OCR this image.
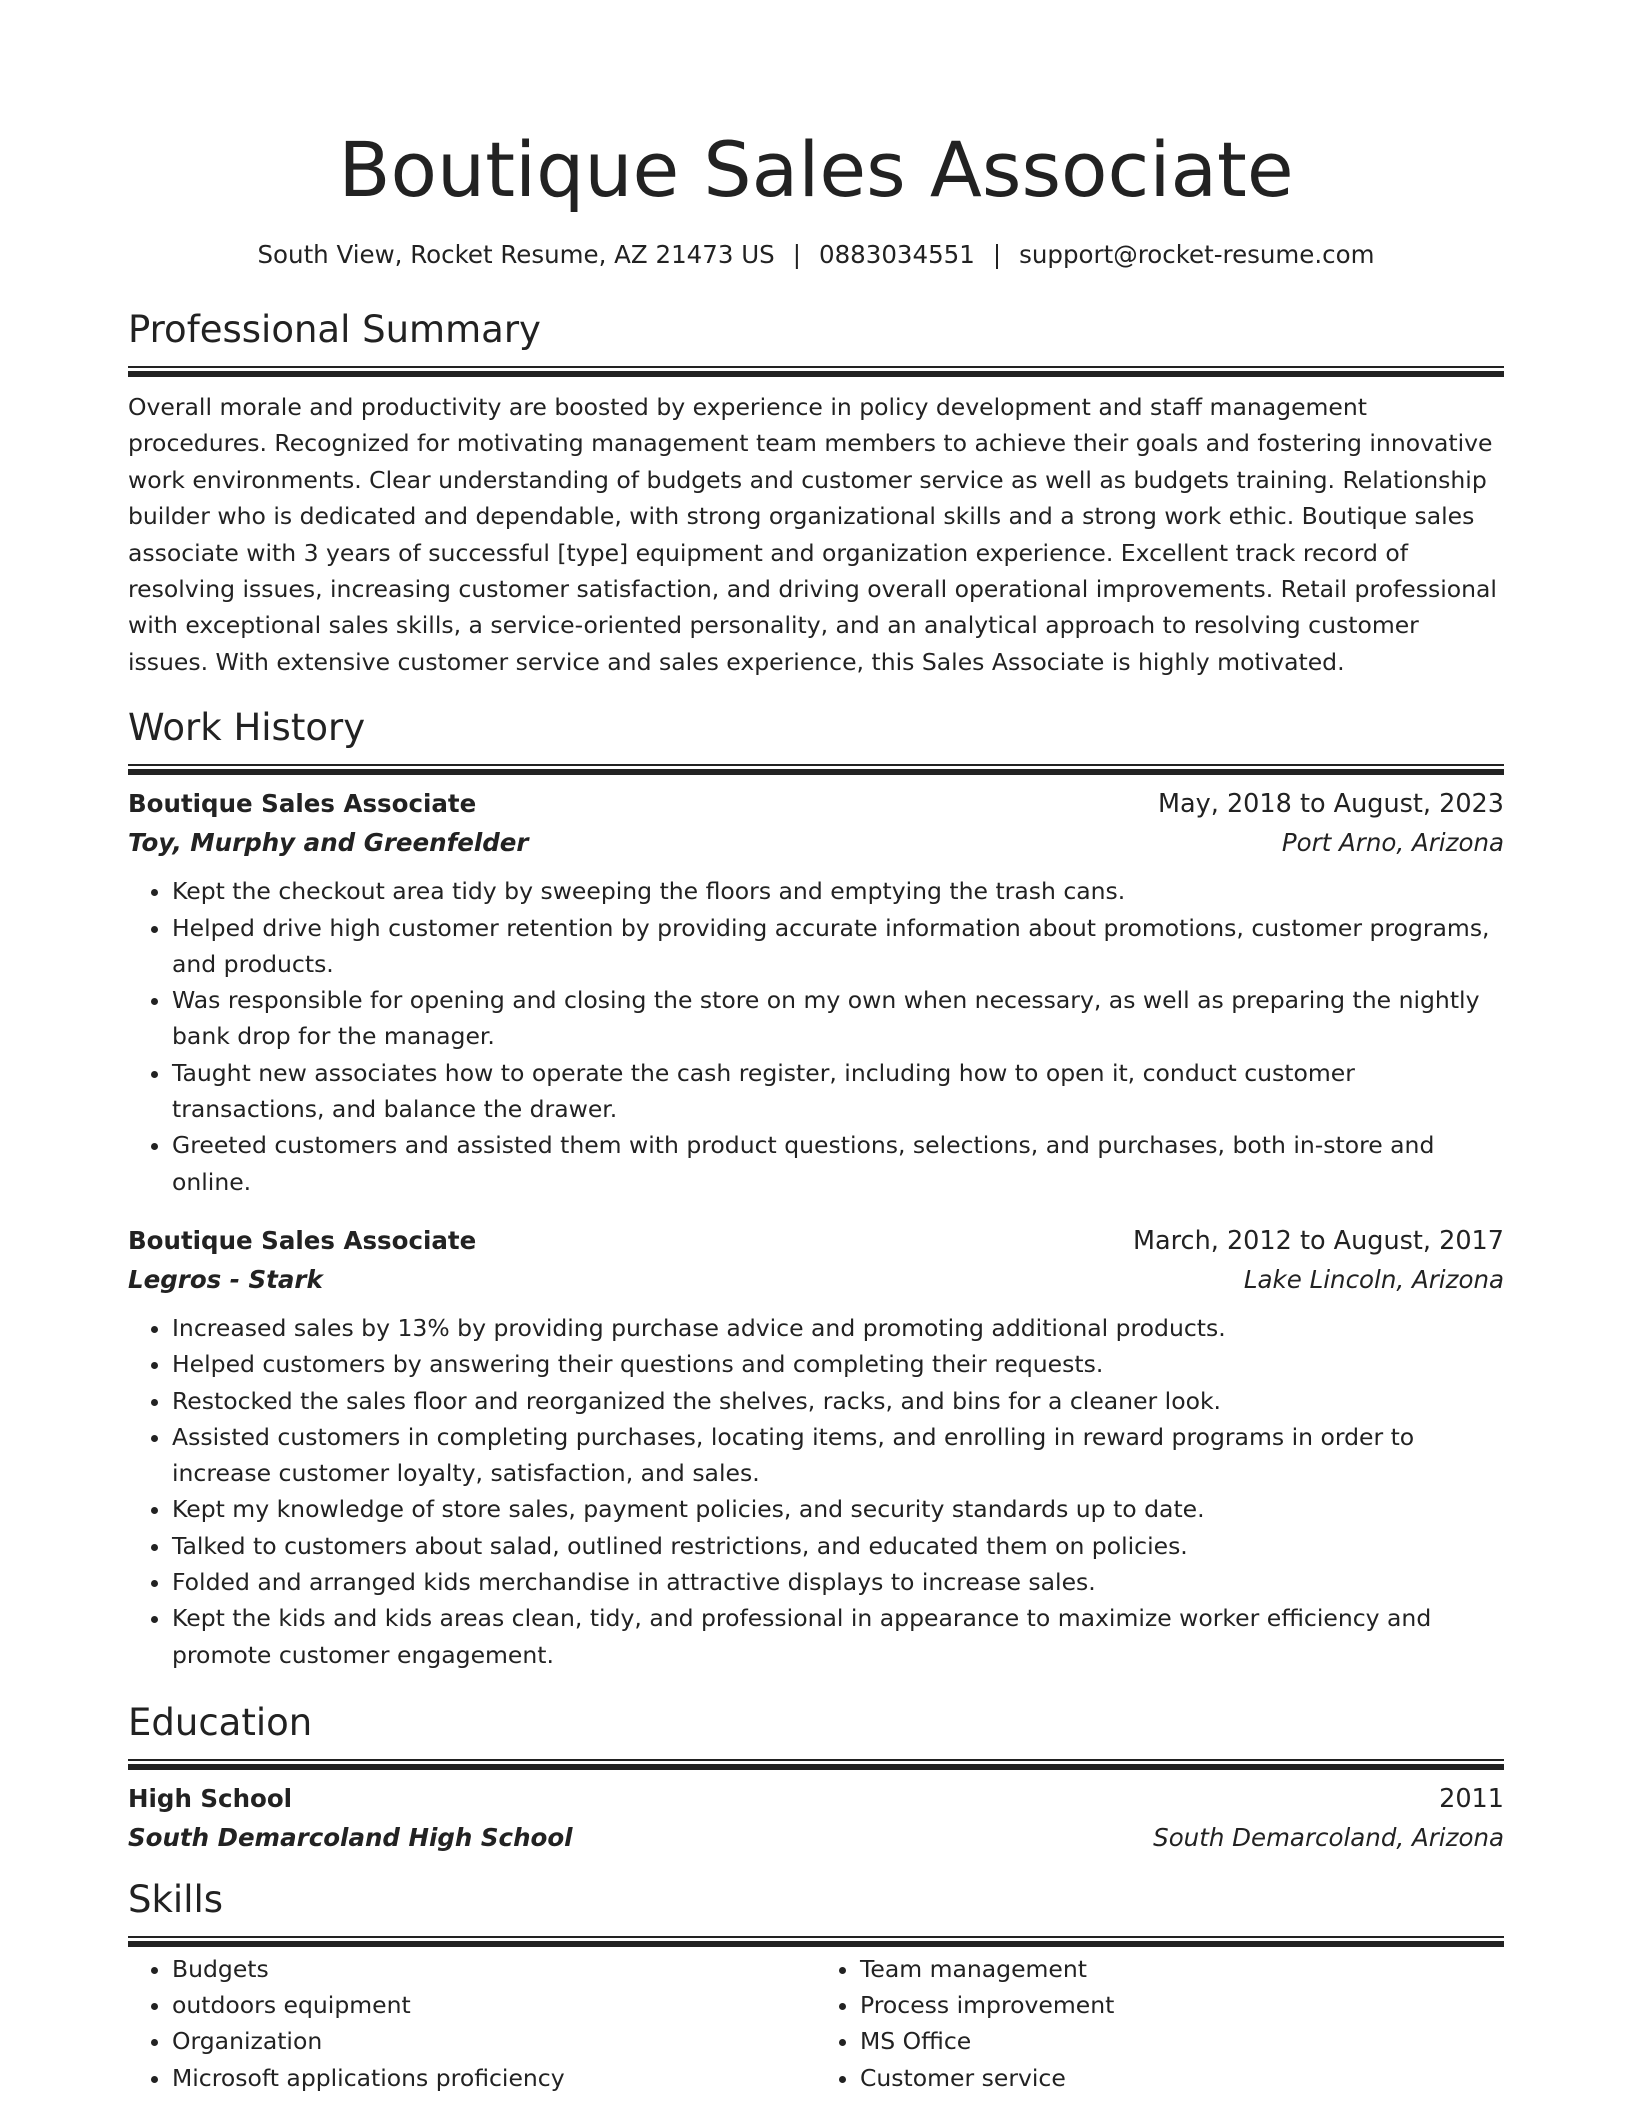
Boutique Sales Associate
South View, Rocket Resume, AZ 21473 US | 0883034551 | support@rocket-resume.com
Professional Summary

Overall morale and productivity are boosted by experience in policy development and staff management procedures. Recognized for motivating management team members to achieve their goals and fostering innovative work environments. Clear understanding of budgets and customer service as well as budgets training. Relationship builder who is dedicated and dependable, with strong organizational skills and a strong work ethic. Boutique sales associate with 3 years of successful [type] equipment and organization experience. Excellent track record of resolving issues, increasing customer satisfaction, and driving overall operational improvements. Retail professional with exceptional sales skills, a service-oriented personality, and an analytical approach to resolving customer issues. With extensive customer service and sales experience, this Sales Associate is highly motivated.

Work History
Boutique Sales Associate	May, 2018 to August, 2023
Toy, Murphy and Greenfelder	Port Arno, Arizona
• Kept the checkout area tidy by sweeping the floors and emptying the trash cans.
• Helped drive high customer retention by providing accurate information about promotions, customer programs, and products.
• Was responsible for opening and closing the store on my own when necessary, as well as preparing the nightly bank drop for the manager.
• Taught new associates how to operate the cash register, including how to open it, conduct customer transactions, and balance the drawer.
• Greeted customers and assisted them with product questions, selections, and purchases, both in-store and online.
Boutique Sales Associate	March, 2012 to August, 2017
Legros - Stark	Lake Lincoln, Arizona
• Increased sales by 13% by providing purchase advice and promoting additional products.
• Helped customers by answering their questions and completing their requests.
• Restocked the sales floor and reorganized the shelves, racks, and bins for a cleaner look.
• Assisted customers in completing purchases, locating items, and enrolling in reward programs in order to increase customer loyalty, satisfaction, and sales.
• Kept my knowledge of store sales, payment policies, and security standards up to date.
• Talked to customers about salad, outlined restrictions, and educated them on policies.
• Folded and arranged kids merchandise in attractive displays to increase sales.
• Kept the kids and kids areas clean, tidy, and professional in appearance to maximize worker efficiency and promote customer engagement.
Education
High School	2011
South Demarcoland High School	South Demarcoland, Arizona
Skills
• Budgets
• outdoors equipment
• Organization
• Microsoft applications proficiency
• Team management
• Process improvement
• MS Office
• Customer service
